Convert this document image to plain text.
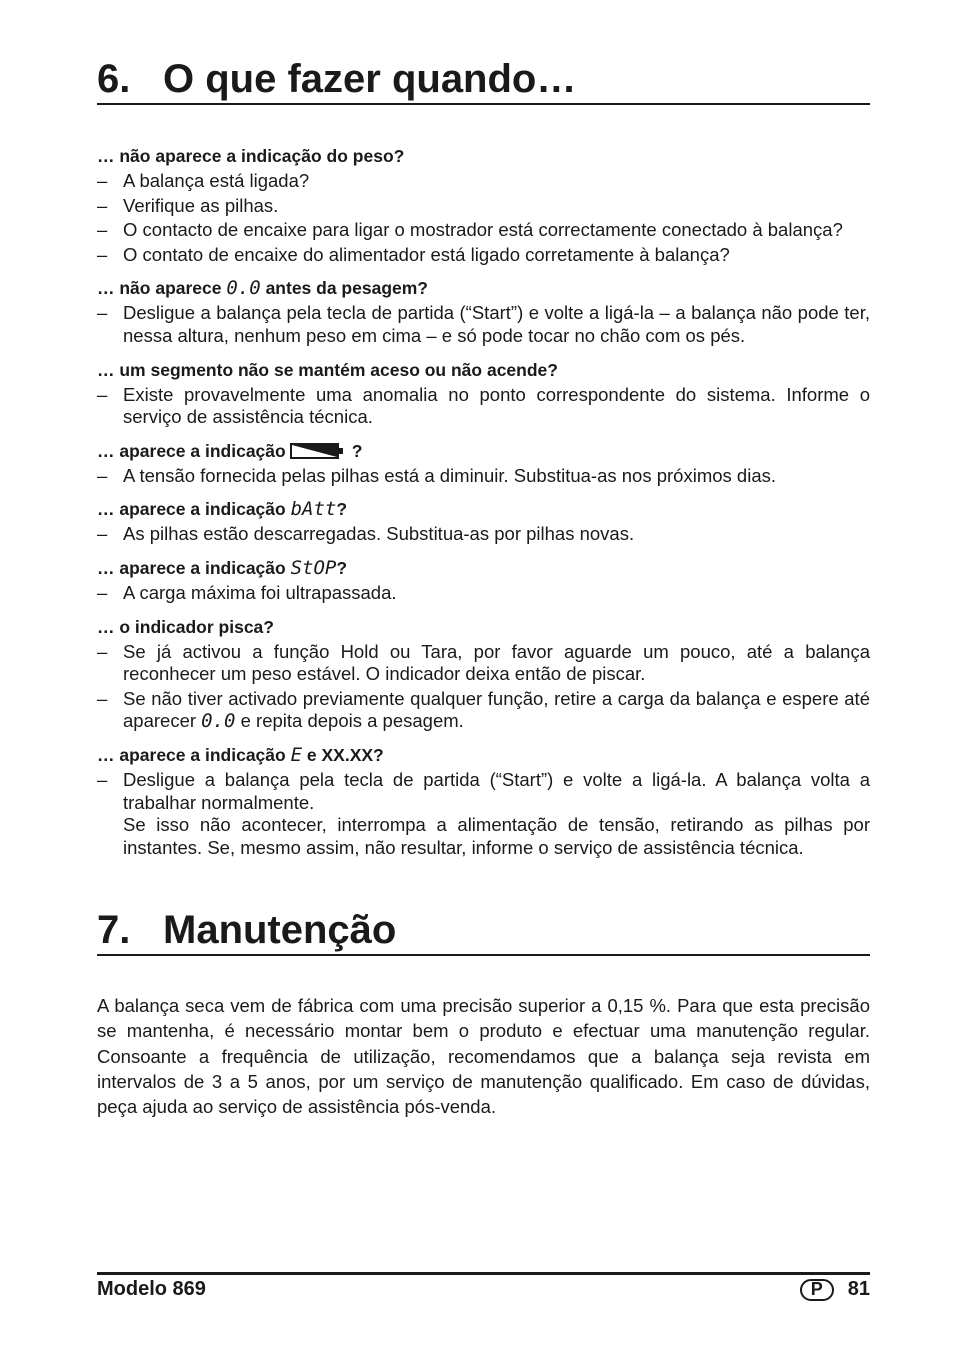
6. O que fazer quando…
… não aparece a indicação do peso?
– A balança está ligada?
– Verifique as pilhas.
– O contacto de encaixe para ligar o mostrador está correctamente conectado à balança?
– O contato de encaixe do alimentador está ligado corretamente à balança?
… não aparece 0.0 antes da pesagem?
– Desligue a balança pela tecla de partida (“Start”) e volte a ligá-la – a balança não pode ter, nessa altura, nenhum peso em cima – e só pode tocar no chão com os pés.
… um segmento não se mantém aceso ou não acende?
– Existe provavelmente uma anomalia no ponto correspondente do sistema. Informe o serviço de assistência técnica.
… aparece a indicação	?
– A tensão fornecida pelas pilhas está a diminuir. Substitua-as nos próximos dias.
… aparece a indicação bAtt?
– As pilhas estão descarregadas. Substitua-as por pilhas novas.
… aparece a indicação StOP?
– A carga máxima foi ultrapassada.
… o indicador pisca?
– Se já activou a função Hold ou Tara, por favor aguarde um pouco, até a balança reconhecer um peso estável. O indicador deixa então de piscar.
– Se não tiver activado previamente qualquer função, retire a carga da balança e espere até aparecer 0.0 e repita depois a pesagem.
… aparece a indicação E e XX.XX?
– Desligue a balança pela tecla de partida (“Start”) e volte a ligá-la. A balança volta a trabalhar normalmente.
Se isso não acontecer, interrompa a alimentação de tensão, retirando as pilhas por instantes. Se, mesmo assim, não resultar, informe o serviço de assistência técnica.
7. Manutenção
A balança seca vem de fábrica com uma precisão superior a 0,15 %. Para que esta precisão se mantenha, é necessário montar bem o produto e efectuar uma manutenção regular. Consoante a frequência de utilização, recomendamos que a balança seja revista em intervalos de 3 a 5 anos, por um serviço de manutenção qualificado. Em caso de dúvidas, peça ajuda ao serviço de assistência pós-venda.
Modelo 869	P	81
